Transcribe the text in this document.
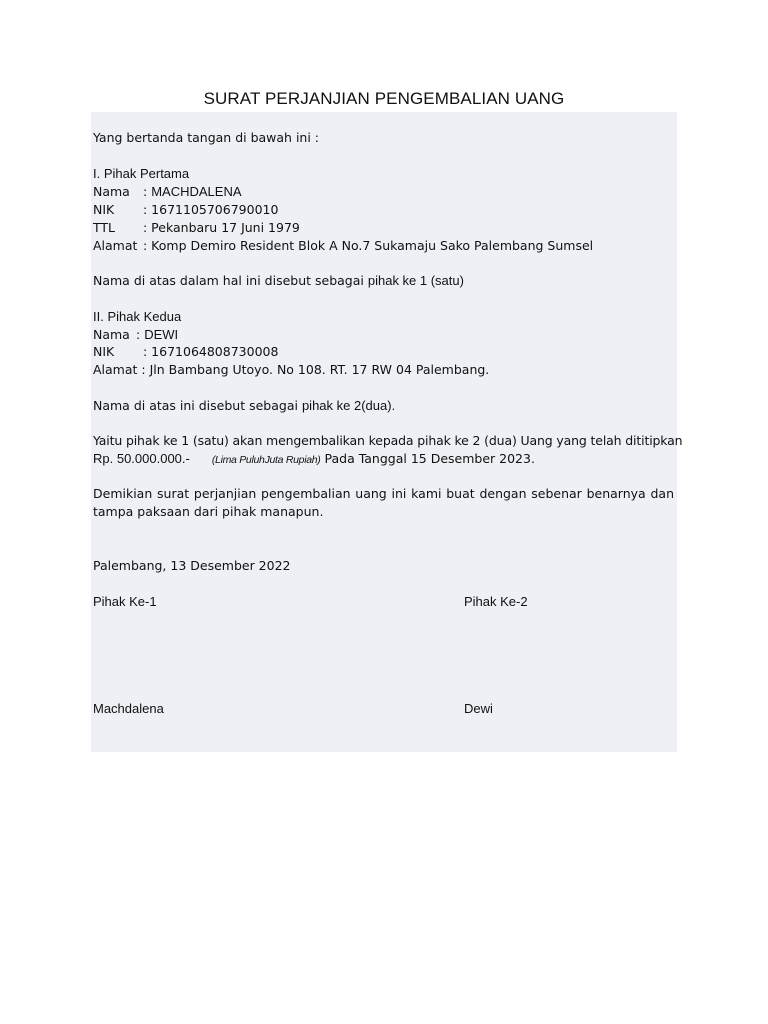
SURAT PERJANJIAN PENGEMBALIAN UANG
Yang bertanda tangan di bawah ini :
I. Pihak Pertama
Nama : MACHDALENA
NIK : 1671105706790010
TTL : Pekanbaru 17 Juni 1979
Alamat : Komp Demiro Resident Blok A No.7 Sukamaju Sako Palembang Sumsel
Nama di atas dalam hal ini disebut sebagai pihak ke 1 (satu)
II. Pihak Kedua
Nama : DEWI
NIK : 1671064808730008
Alamat : Jln Bambang Utoyo. No 108. RT. 17 RW 04 Palembang.
Nama di atas ini disebut sebagai pihak ke 2(dua).
Yaitu pihak ke 1 (satu) akan mengembalikan kepada pihak ke 2 (dua) Uang yang telah dititipkan
Rp. 50.000.000.- (Lima PuluhJuta Rupiah) Pada Tanggal 15 Desember 2023.
Demikian surat perjanjian pengembalian uang ini kami buat dengan sebenar benarnya dan tampa paksaan dari pihak manapun.
Palembang, 13 Desember 2022
Pihak Ke-1	Pihak Ke-2
Machdalena	Dewi
